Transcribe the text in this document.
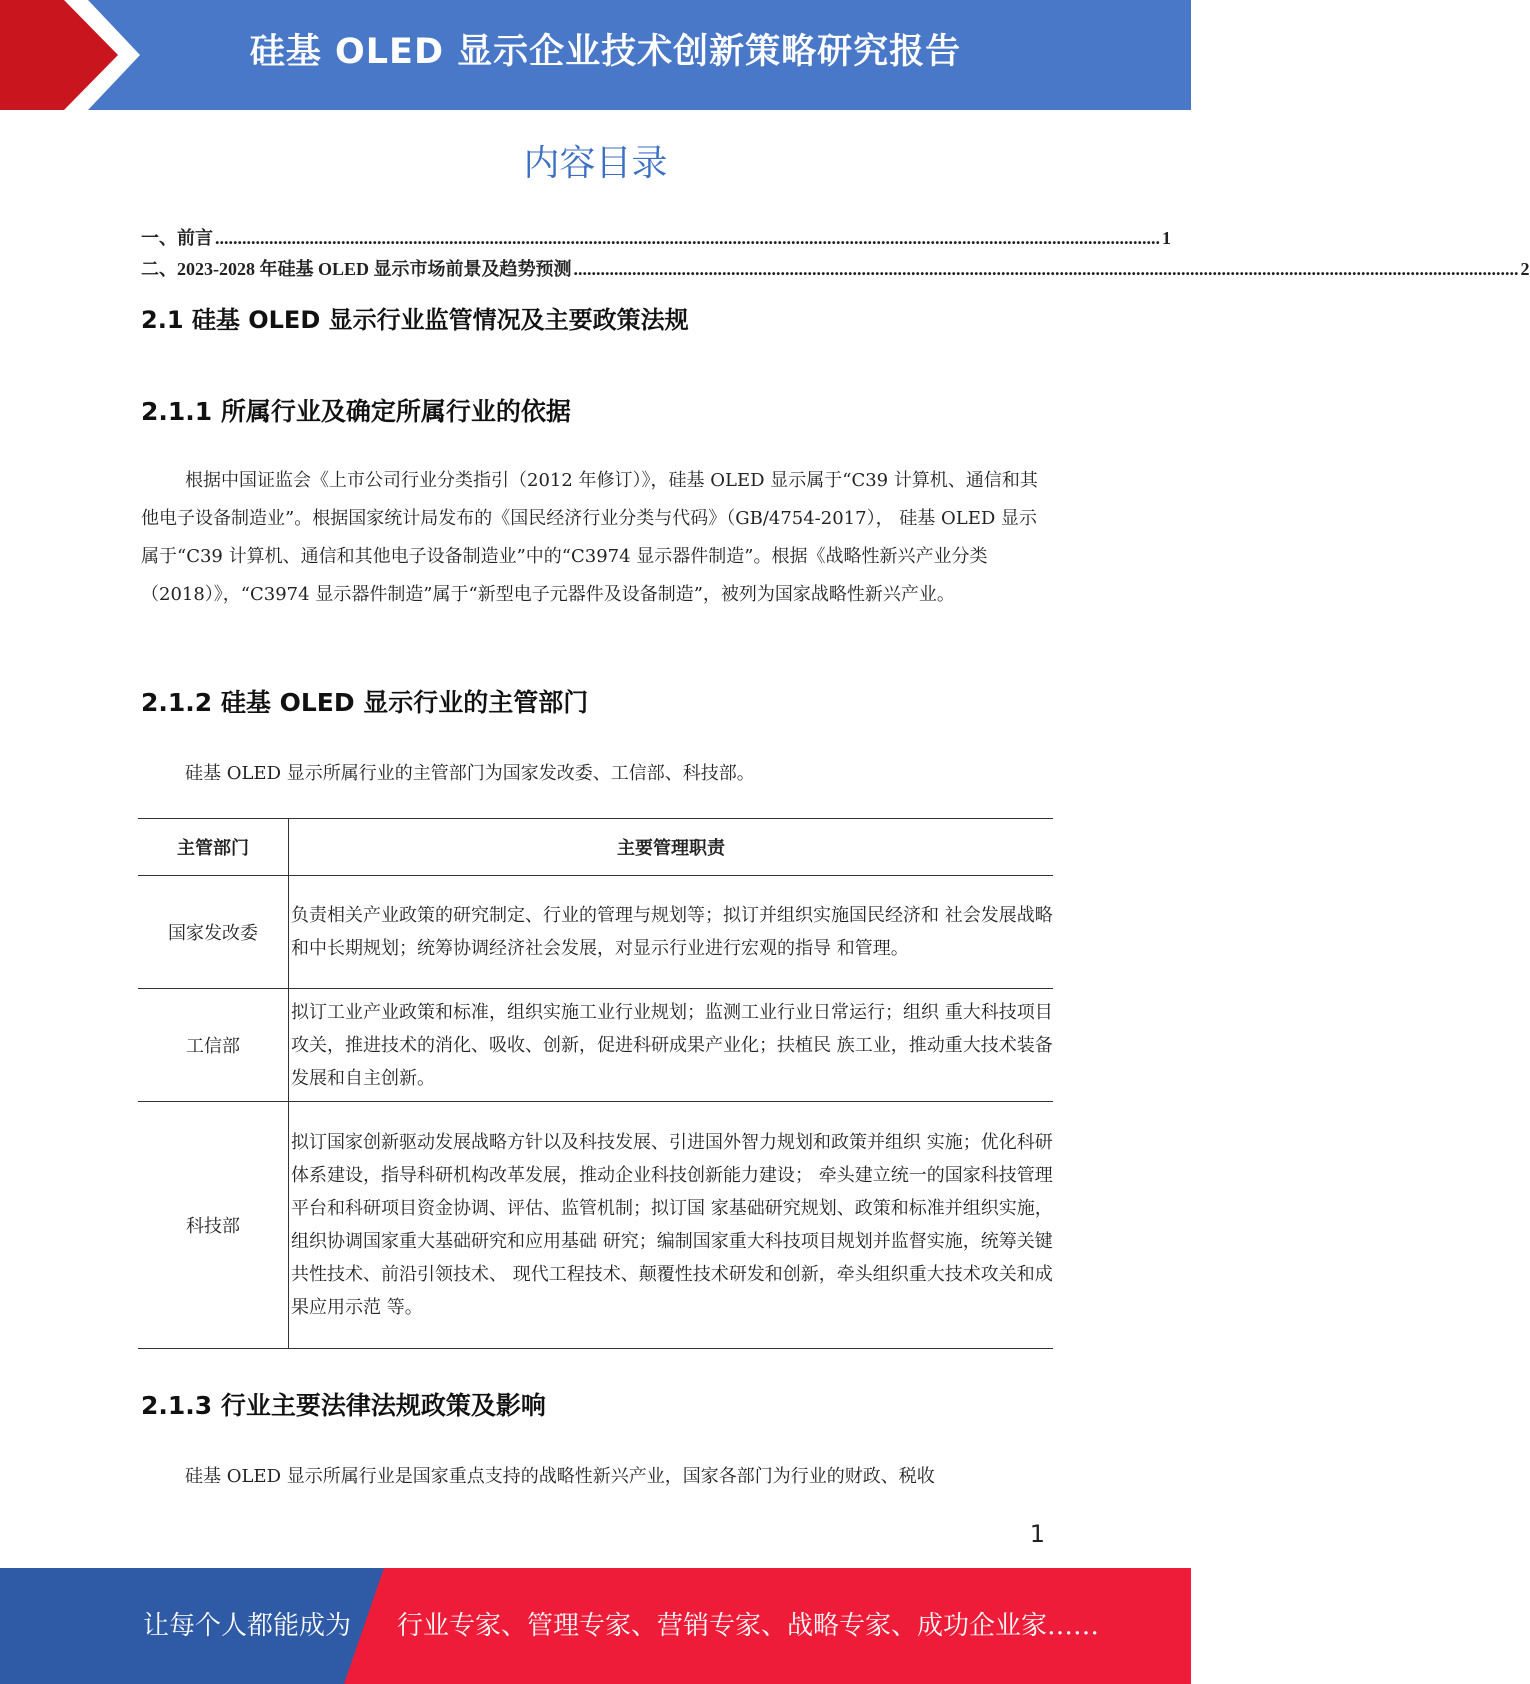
硅基 OLED 显示企业技术创新策略研究报告
内容目录
一、前言 .................................................................................................................................................................................................................. 1
二、2023-2028 年硅基 OLED 显示市场前景及趋势预测 .................................................................................................................................................................................................................. 2
2.1 硅基 OLED 显示行业监管情况及主要政策法规
2.1.1 所属行业及确定所属行业的依据
根据中国证监会《上市公司行业分类指引（2012 年修订）》，硅基 OLED 显示属于“C39 计算机、通信和其他电子设备制造业”。根据国家统计局发布的《国民经济行业分类与代码》（GB/4754-2017）， 硅基 OLED 显示属于“C39 计算机、通信和其他电子设备制造业”中的“C3974 显示器件制造”。根据《战略性新兴产业分类（2018）》，“C3974 显示器件制造”属于“新型电子元器件及设备制造”，被列为国家战略性新兴产业。
2.1.2 硅基 OLED 显示行业的主管部门
硅基 OLED 显示所属行业的主管部门为国家发改委、工信部、科技部。
主管部门	主要管理职责
国家发改委	负责相关产业政策的研究制定、行业的管理与规划等；拟订并组织实施国民经济和 社会发展战略和中长期规划；统筹协调经济社会发展，对显示行业进行宏观的指导 和管理。
工信部	拟订工业产业政策和标准，组织实施工业行业规划；监测工业行业日常运行；组织 重大科技项目攻关，推进技术的消化、吸收、创新，促进科研成果产业化；扶植民 族工业，推动重大技术装备发展和自主创新。
科技部	拟订国家创新驱动发展战略方针以及科技发展、引进国外智力规划和政策并组织 实施；优化科研体系建设，指导科研机构改革发展，推动企业科技创新能力建设； 牵头建立统一的国家科技管理平台和科研项目资金协调、评估、监管机制；拟订国 家基础研究规划、政策和标准并组织实施，组织协调国家重大基础研究和应用基础 研究；编制国家重大科技项目规划并监督实施，统筹关键共性技术、前沿引领技术、 现代工程技术、颠覆性技术研发和创新，牵头组织重大技术攻关和成果应用示范 等。
2.1.3 行业主要法律法规政策及影响
硅基 OLED 显示所属行业是国家重点支持的战略性新兴产业，国家各部门为行业的财政、税收
1
让每个人都能成为 行业专家、管理专家、营销专家、战略专家、成功企业家……
